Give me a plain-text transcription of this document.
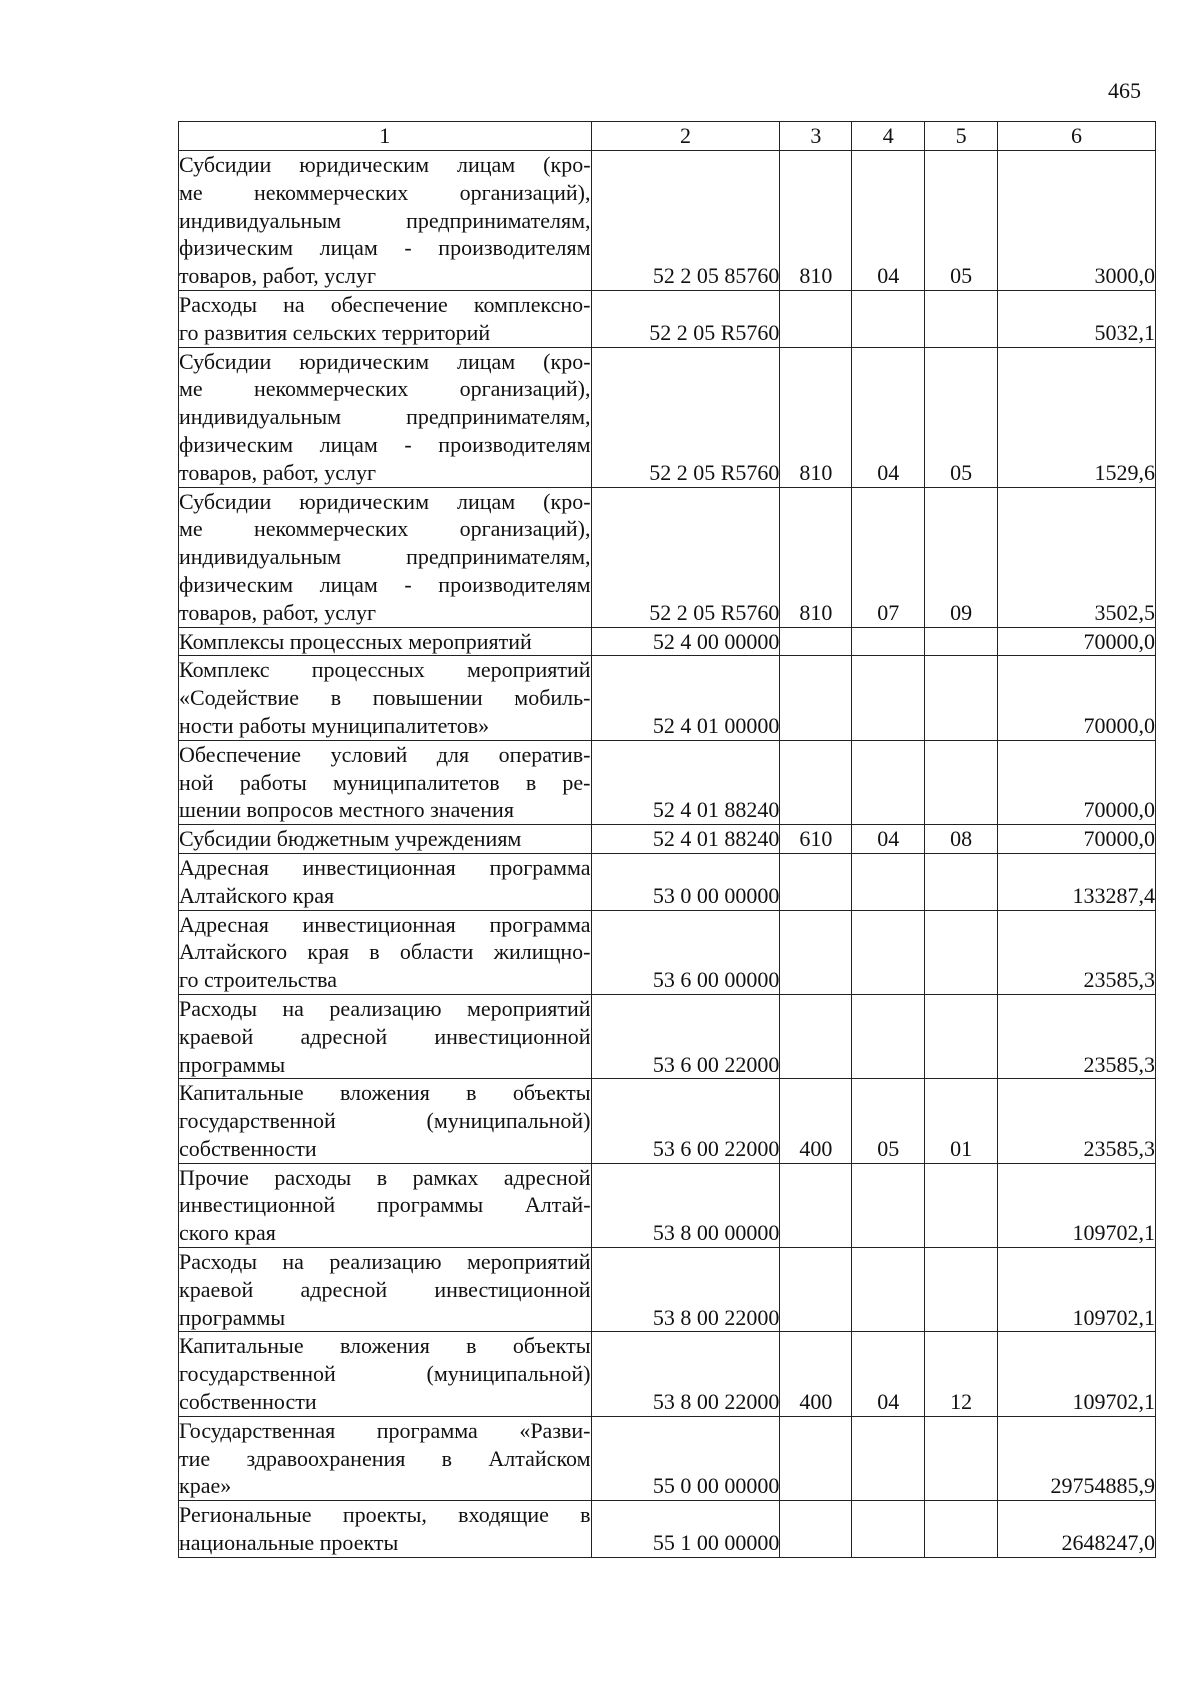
465
1	2	3	4	5	6

Субсидии юридическим лицам (кро-
ме некоммерческих организаций),
индивидуальным предпринимателям,
физическим лицам - производителям
товаров, работ, услуг	52 2 05 85760	810	04	05	3000,0

Расходы на обеспечение комплексно-
го развития сельских территорий	52 2 05 R5760				5032,1

Субсидии юридическим лицам (кро-
ме некоммерческих организаций),
индивидуальным предпринимателям,
физическим лицам - производителям
товаров, работ, услуг	52 2 05 R5760	810	04	05	1529,6

Субсидии юридическим лицам (кро-
ме некоммерческих организаций),
индивидуальным предпринимателям,
физическим лицам - производителям
товаров, работ, услуг	52 2 05 R5760	810	07	09	3502,5

Комплексы процессных мероприятий	52 4 00 00000				70000,0

Комплекс процессных мероприятий
«Содействие в повышении мобиль-
ности работы муниципалитетов»	52 4 01 00000				70000,0

Обеспечение условий для оператив-
ной работы муниципалитетов в ре-
шении вопросов местного значения	52 4 01 88240				70000,0

Субсидии бюджетным учреждениям	52 4 01 88240	610	04	08	70000,0

Адресная инвестиционная программа
Алтайского края	53 0 00 00000				133287,4

Адресная инвестиционная программа
Алтайского края в области жилищно-
го строительства	53 6 00 00000				23585,3

Расходы на реализацию мероприятий
краевой адресной инвестиционной
программы	53 6 00 22000				23585,3

Капитальные вложения в объекты
государственной (муниципальной)
собственности	53 6 00 22000	400	05	01	23585,3

Прочие расходы в рамках адресной
инвестиционной программы Алтай-
ского края	53 8 00 00000				109702,1

Расходы на реализацию мероприятий
краевой адресной инвестиционной
программы	53 8 00 22000				109702,1

Капитальные вложения в объекты
государственной (муниципальной)
собственности	53 8 00 22000	400	04	12	109702,1

Государственная программа «Разви-
тие здравоохранения в Алтайском
крае»	55 0 00 00000				29754885,9

Региональные проекты, входящие в
национальные проекты	55 1 00 00000				2648247,0
